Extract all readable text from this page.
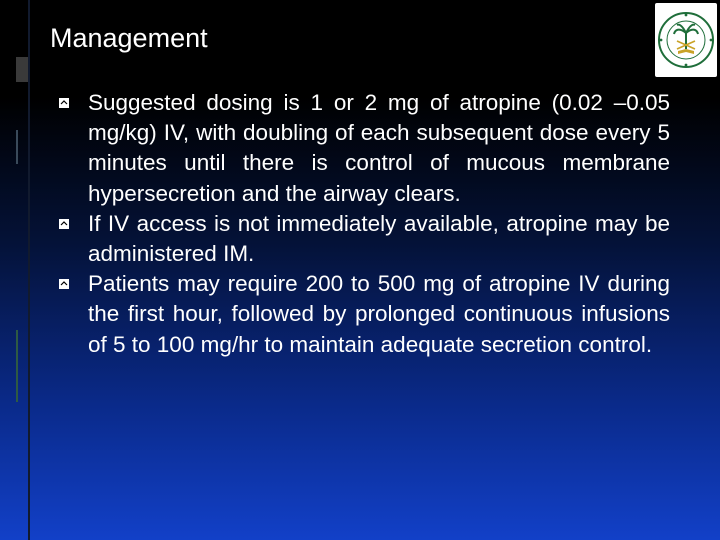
Management
Suggested dosing is 1 or 2 mg of atropine (0.02 –0.05 mg/kg) IV, with doubling of each subsequent dose every 5 minutes until there is control of mucous membrane hypersecretion and the airway clears.
If IV access is not immediately available, atropine may be administered IM.
Patients may require 200 to 500 mg of atropine IV during the first hour, followed by prolonged continuous infusions of 5 to 100 mg/hr to maintain adequate secretion control.
